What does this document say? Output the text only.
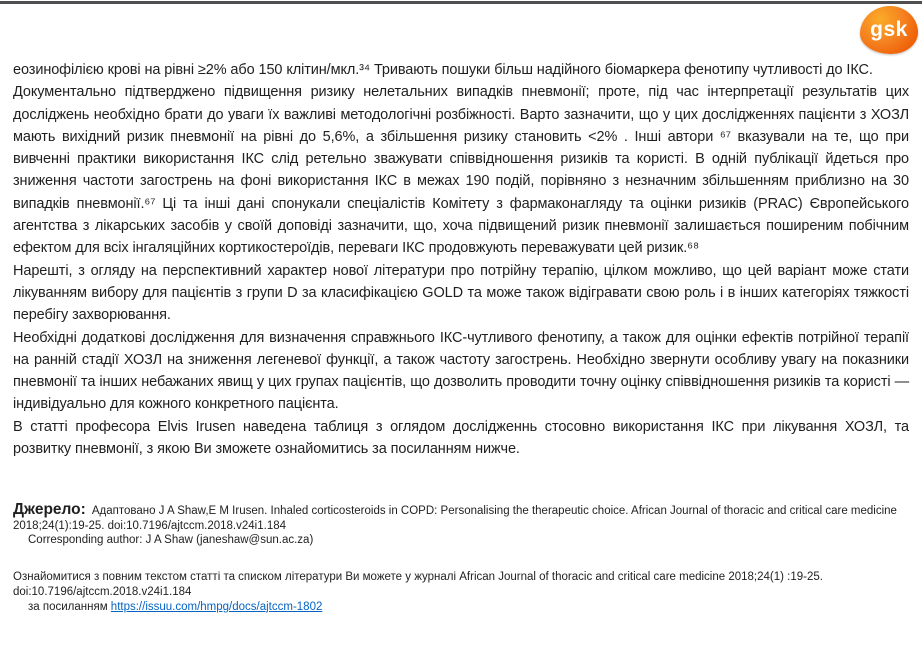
gsk

еозинофілією крові на рівні ≥2% або 150 клітин/мкл.³⁴ Тривають пошуки більш надійного біомаркера фенотипу чутливості до ІКС.

Документально підтверджено підвищення ризику нелетальних випадків пневмонії; проте, під час інтерпретації результатів цих досліджень необхідно брати до уваги їх важливі методологічні розбіжності. Варто зазначити, що у цих дослідженнях пацієнти з ХОЗЛ мають вихідний ризик пневмонії на рівні до 5,6%, а збільшення ризику становить <2% . Інші автори ⁶⁷ вказували на те, що при вивченні практики використання ІКС слід ретельно зважувати співвідношення ризиків та користі. В одній публікації йдеться про зниження частоти загострень на фоні використання ІКС в межах 190 подій, порівняно з незначним збільшенням приблизно на 30 випадків пневмонії.⁶⁷ Ці та інші дані спонукали спеціалістів Комітету з фармаконагляду та оцінки ризиків (PRAC) Європейського агентства з лікарських засобів у своїй доповіді зазначити, що, хоча підвищений ризик пневмонії залишається поширеним побічним ефектом для всіх інгаляційних кортикостероїдів, переваги ІКС продовжують переважувати цей ризик.⁶⁸

Нарешті, з огляду на перспективний характер нової літератури про потрійну терапію, цілком можливо, що цей варіант може стати лікуванням вибору для пацієнтів з групи D за класифікацією GOLD та може також відігравати свою роль і в інших категоріях тяжкості перебігу захворювання.

Необхідні додаткові дослідження для визначення справжнього ІКС-чутливого фенотипу, а також для оцінки ефектів потрійної терапії на ранній стадії ХОЗЛ на зниження легеневої функції, а також частоту загострень. Необхідно звернути особливу увагу на показники пневмонії та інших небажаних явищ у цих групах пацієнтів, що дозволить проводити точну оцінку співвідношення ризиків та користі — індивідуально для кожного конкретного пацієнта.

В статті професора Elvis Irusen наведена таблиця з оглядом дослідженнь стосовно використання ІКС при лікування ХОЗЛ, та розвитку пневмонії, з якою Ви зможете ознайомитись за посиланням нижче.

Джерело: Адаптовано J A Shaw,E M Irusen. Inhaled corticosteroids in COPD: Personalising the therapeutic choice. African Journal of thoracic and critical care medicine 2018;24(1):19-25. doi:10.7196/ajtccm.2018.v24i1.184

Corresponding author: J A Shaw (janeshaw@sun.ac.za)

Ознайомитися з повним текстом статті та списком літератури Ви можете у журналі African Journal of thoracic and critical care medicine 2018;24(1) :19-25. doi:10.7196/ajtccm.2018.v24i1.184

за посиланням https://issuu.com/hmpg/docs/ajtccm-1802
